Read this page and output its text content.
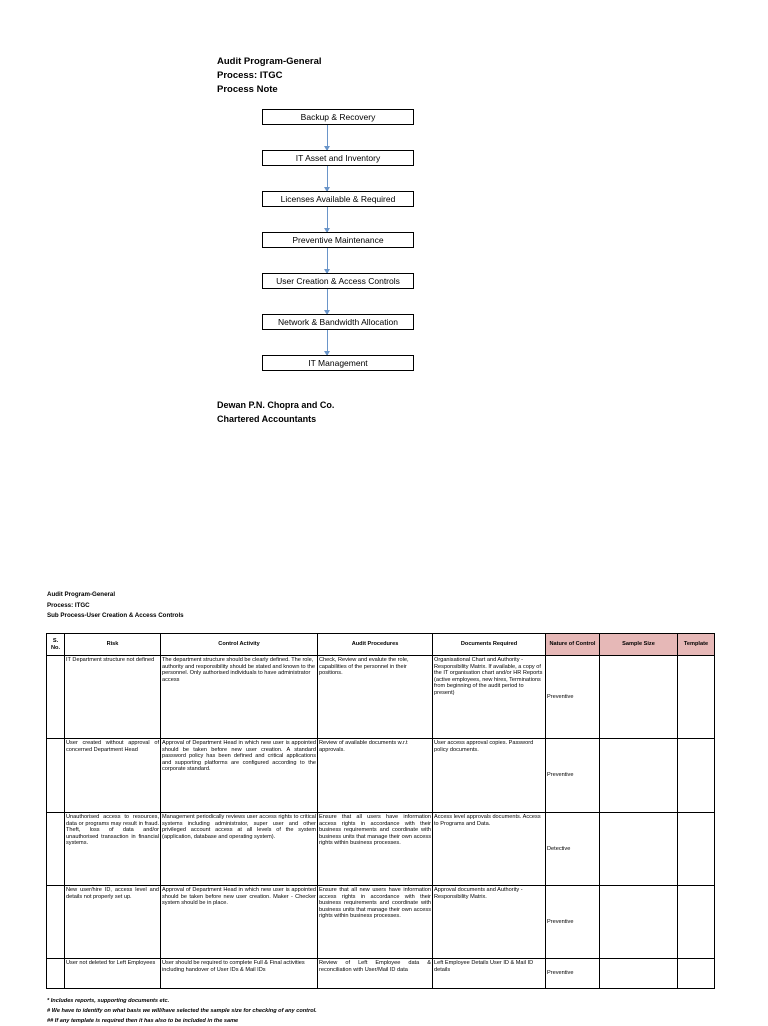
Audit Program-General
Process: ITGC
Process Note
Backup & Recovery
IT Asset and Inventory
Licenses Available & Required
Preventive Maintenance
User Creation & Access Controls
Network & Bandwidth Allocation
IT Management
Dewan P.N. Chopra and Co.
Chartered Accountants
Audit Program-General
Process: ITGC
Sub Process-User Creation & Access Controls
S. No.	Risk	Control Activity	Audit Procedures	Documents Required	Nature of Control	Sample Size	Template
	IT Department structure not defined	The department structure should be clearly defined. The role, authority and responsibility should be stated and known to the personnel. Only authorised individuals to have administrator access	Check, Review and evalute the role, capabilities of the personnel in their positions.	Organisational Chart and Authority - Responsibility Matrix. If available, a copy of the IT organisation chart and/or HR Reports (active employees, new hires, Terminations from beginning of the audit period to present)	Preventive		
	User created without approval of concerned Department Head	Approval of Department Head in which new user is appointed should be taken before new user creation. A standard password policy has been defined and critical applications and supporting platforms are configured according to the corporate standard.	Review of available documents w.r.t approvals.	User access approval copies. Password policy documents.	Preventive		
	Unauthorised access to resources, data or programs may result in fraud. Theft, loss of data and/or unauthorised transaction in financial systems.	Management periodically reviews user access rights to critical systems including administrator, super user and other privileged account access at all levels of the system (application, database and operating system).	Ensure that all users have information access rights in accordance with their business requirements and coordinate with business units that manage their own access rights within business processes.	Access level approvals documents. Access to Programs and Data.	Detective		
	New user/hire ID, access level and details not properly set up.	Approval of Department Head in which new user is appointed should be taken before new user creation. Maker - Checker system should be in place.	Ensure that all new users have information access rights in accordance with their business requirements and coordinate with business units that manage their own access rights within business processes.	Approval documents and Authority - Responsibility Matrix.	Preventive		
	User not deleted for Left Employees	User should be required to complete Full & Final activities including handover of User IDs & Mail IDs	Review of Left Employee data & reconciliation with User/Mail ID data	Left Employee Details User ID & Mail ID details	Preventive		
* Includes reports, supporting documents etc.
# We have to identify on what basis we will/have selected the sample size for checking of any control.
## If any template is required then it has also to be included in the same
